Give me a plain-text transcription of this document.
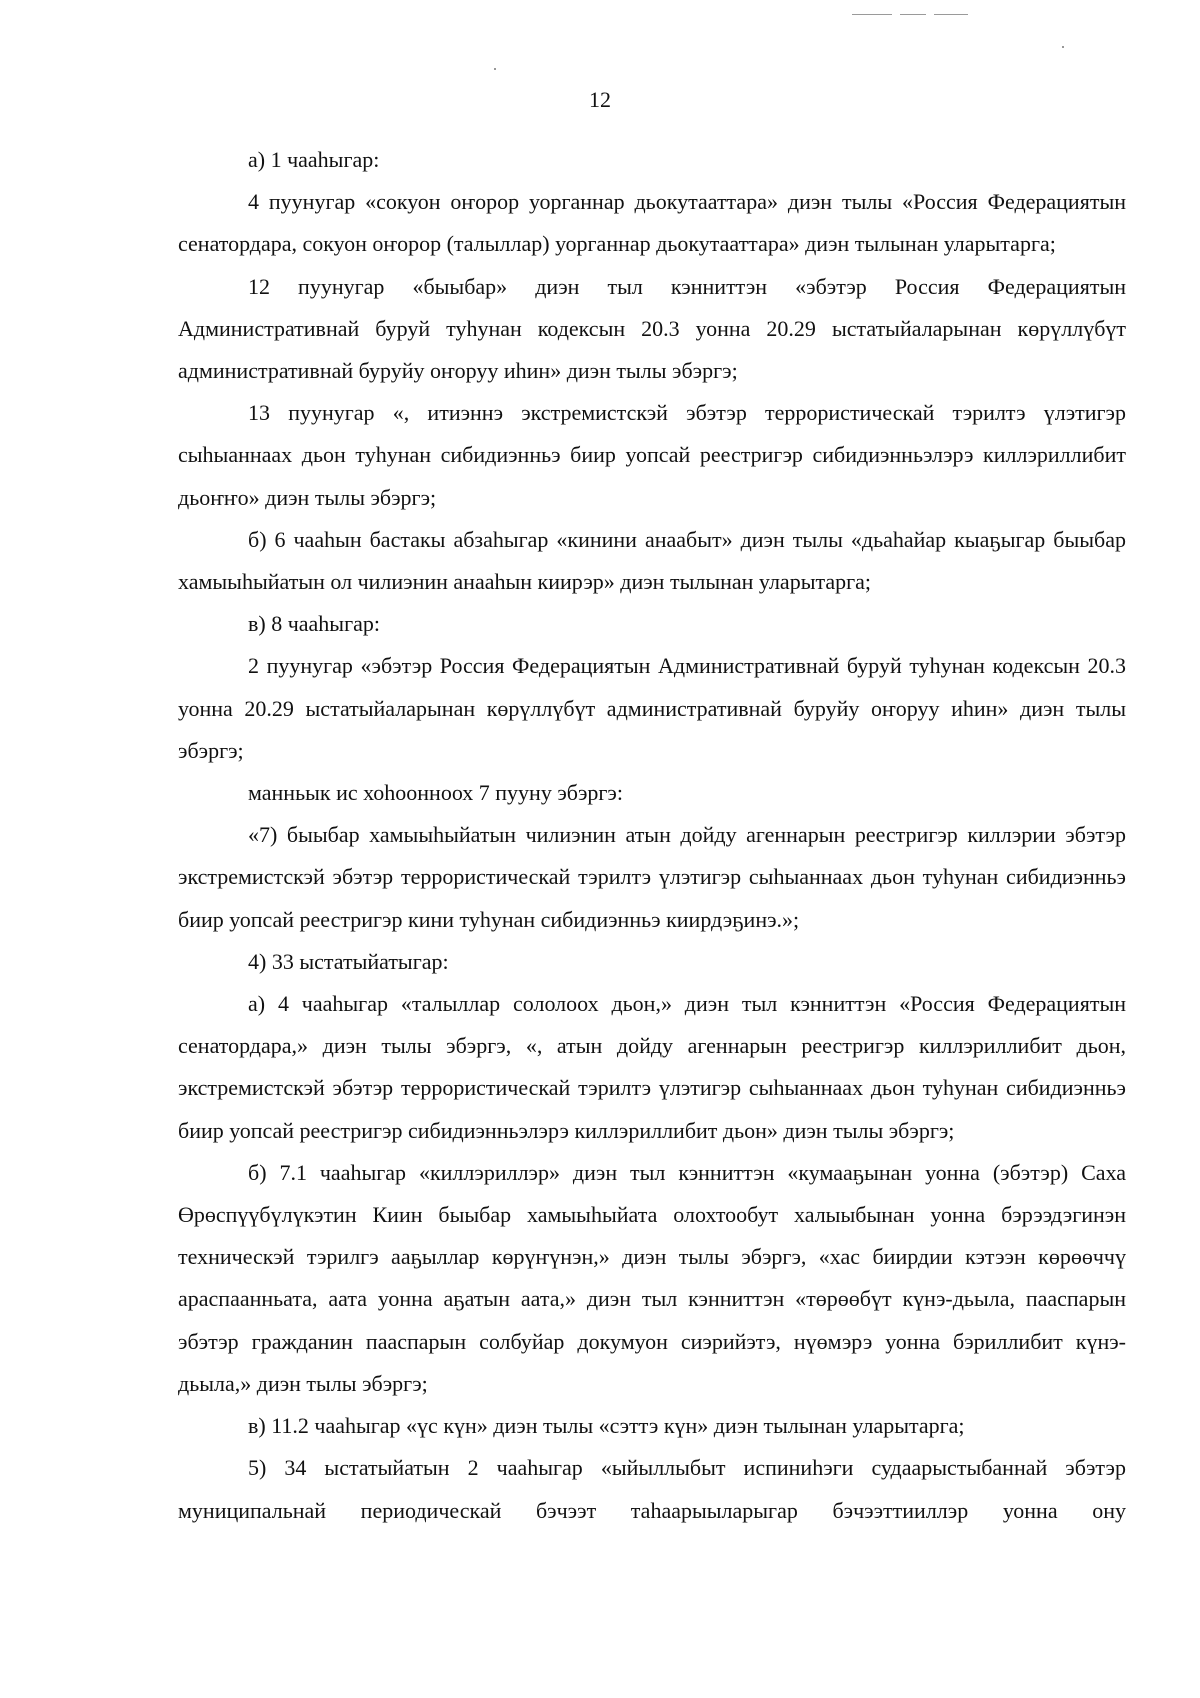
12

а) 1 чааһыгар:

4 пуунугар «сокуон оҥорор уорганнар дьокутааттара» диэн тылы «Россия Федерациятын сенатордара, сокуон оҥорор (талыллар) уорганнар дьокутааттара» диэн тылынан уларытарга;

12 пуунугар «быыбар» диэн тыл кэнниттэн «эбэтэр Россия Федерациятын Административнай буруй туһунан кодексын 20.3 уонна 20.29 ыстатыйаларынан көрүллүбүт административнай буруйу оҥоруу иһин» диэн тылы эбэргэ;

13 пуунугар «, итиэннэ экстремистскэй эбэтэр террористическай тэрилтэ үлэтигэр сыһыаннаах дьон туһунан сибидиэнньэ биир уопсай реестригэр сибидиэнньэлэрэ киллэриллибит дьоҥҥо» диэн тылы эбэргэ;

б) 6 чааһын бастакы абзаһыгар «кинини анаабыт» диэн тылы «дьаһайар кыаҕыгар быыбар хамыыһыйатын ол чилиэнин анааһын киирэр» диэн тылынан уларытарга;

в) 8 чааһыгар:

2 пуунугар «эбэтэр Россия Федерациятын Административнай буруй туһунан кодексын 20.3 уонна 20.29 ыстатыйаларынан көрүллүбүт административнай буруйу оҥоруу иһин» диэн тылы эбэргэ;

манньык ис хоһоонноох 7 пууну эбэргэ:

«7) быыбар хамыыһыйатын чилиэнин атын дойду агеннарын реестригэр киллэрии эбэтэр экстремистскэй эбэтэр террористическай тэрилтэ үлэтигэр сыһыаннаах дьон туһунан сибидиэнньэ биир уопсай реестригэр кини туһунан сибидиэнньэ киирдэҕинэ.»;

4) 33 ыстатыйатыгар:

а) 4 чааһыгар «талыллар сололоох дьон,» диэн тыл кэнниттэн «Россия Федерациятын сенатордара,» диэн тылы эбэргэ, «, атын дойду агеннарын реестригэр киллэриллибит дьон, экстремистскэй эбэтэр террористическай тэрилтэ үлэтигэр сыһыаннаах дьон туһунан сибидиэнньэ биир уопсай реестригэр сибидиэнньэлэрэ киллэриллибит дьон» диэн тылы эбэргэ;

б) 7.1 чааһыгар «киллэриллэр» диэн тыл кэнниттэн «кумааҕынан уонна (эбэтэр) Саха Өрөспүүбүлүкэтин Киин быыбар хамыыһыйата олохтообут халыыбынан уонна бэрээдэгинэн техническэй тэрилгэ ааҕыллар көрүҥүнэн,» диэн тылы эбэргэ, «хас биирдии кэтээн көрөөччү араспаанньата, аата уонна аҕатын аата,» диэн тыл кэнниттэн «төрөөбүт күнэ-дьыла, пааспарын эбэтэр гражданин пааспарын солбуйар докумуон сиэрийэтэ, нүөмэрэ уонна бэриллибит күнэ-дьыла,» диэн тылы эбэргэ;

в) 11.2 чааһыгар «үс күн» диэн тылы «сэттэ күн» диэн тылынан уларытарга;

5) 34 ыстатыйатын 2 чааһыгар «ыйыллыбыт испиниһэги судаарыстыбаннай эбэтэр муниципальнай периодическай бэчээт таһаарыыларыгар бэчээттииллэр уонна ону
